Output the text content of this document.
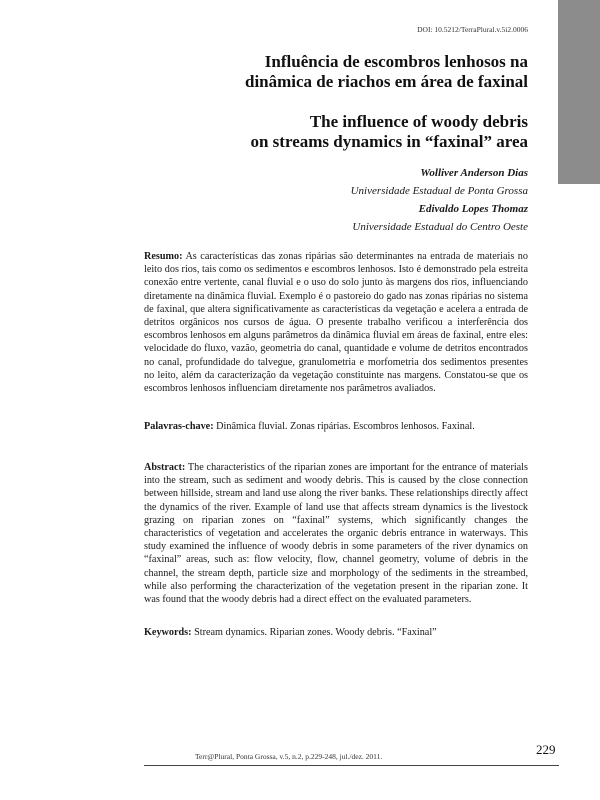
DOI: 10.5212/TerraPlural.v.5i2.0006
Influência de escombros lenhosos na
dinâmica de riachos em área de faxinal
The influence of woody debris
on streams dynamics in “faxinal” area
Wolliver Anderson Dias
Universidade Estadual de Ponta Grossa
Edivaldo Lopes Thomaz
Universidade Estadual do Centro Oeste
Resumo: As características das zonas ripárias são determinantes na entrada de materiais no leito dos rios, tais como os sedimentos e escombros lenhosos. Isto é demonstrado pela estreita conexão entre vertente, canal fluvial e o uso do solo junto às margens dos rios, influenciando diretamente na dinâmica fluvial. Exemplo é o pastoreio do gado nas zonas ripárias no sistema de faxinal, que altera significativamente as características da vegetação e acelera a entrada de detritos orgânicos nos cursos de água. O presente trabalho verificou a interferência dos escombros lenhosos em alguns parâmetros da dinâmica fluvial em áreas de faxinal, entre eles: velocidade do fluxo, vazão, geometria do canal, quantidade e volume de detritos encontrados no canal, profundidade do talvegue, granulometria e morfometria dos sedimentos presentes no leito, além da caracterização da vegetação constituinte nas margens. Constatou-se que os escombros lenhosos influenciam diretamente nos parâmetros avaliados.
Palavras-chave: Dinâmica fluvial. Zonas ripárias. Escombros lenhosos. Faxinal.
Abstract: The characteristics of the riparian zones are important for the entrance of materials into the stream, such as sediment and woody debris. This is caused by the close connection between hillside, stream and land use along the river banks. These relationships directly affect the dynamics of the river. Example of land use that affects stream dynamics is the livestock grazing on riparian zones on “faxinal” systems, which significantly changes the characteristics of vegetation and accelerates the organic debris entrance in waterways. This study examined the influence of woody debris in some parameters of the river dynamics on “faxinal” areas, such as: flow velocity, flow, channel geometry, volume of debris in the channel, the stream depth, particle size and morphology of the sediments in the streambed, while also performing the characterization of the vegetation present in the riparian zone. It was found that the woody debris had a direct effect on the evaluated parameters.
Keywords: Stream dynamics. Riparian zones. Woody debris. “Faxinal”
Terr@Plural, Ponta Grossa, v.5, n.2, p.229-248, jul./dez. 2011.	229
